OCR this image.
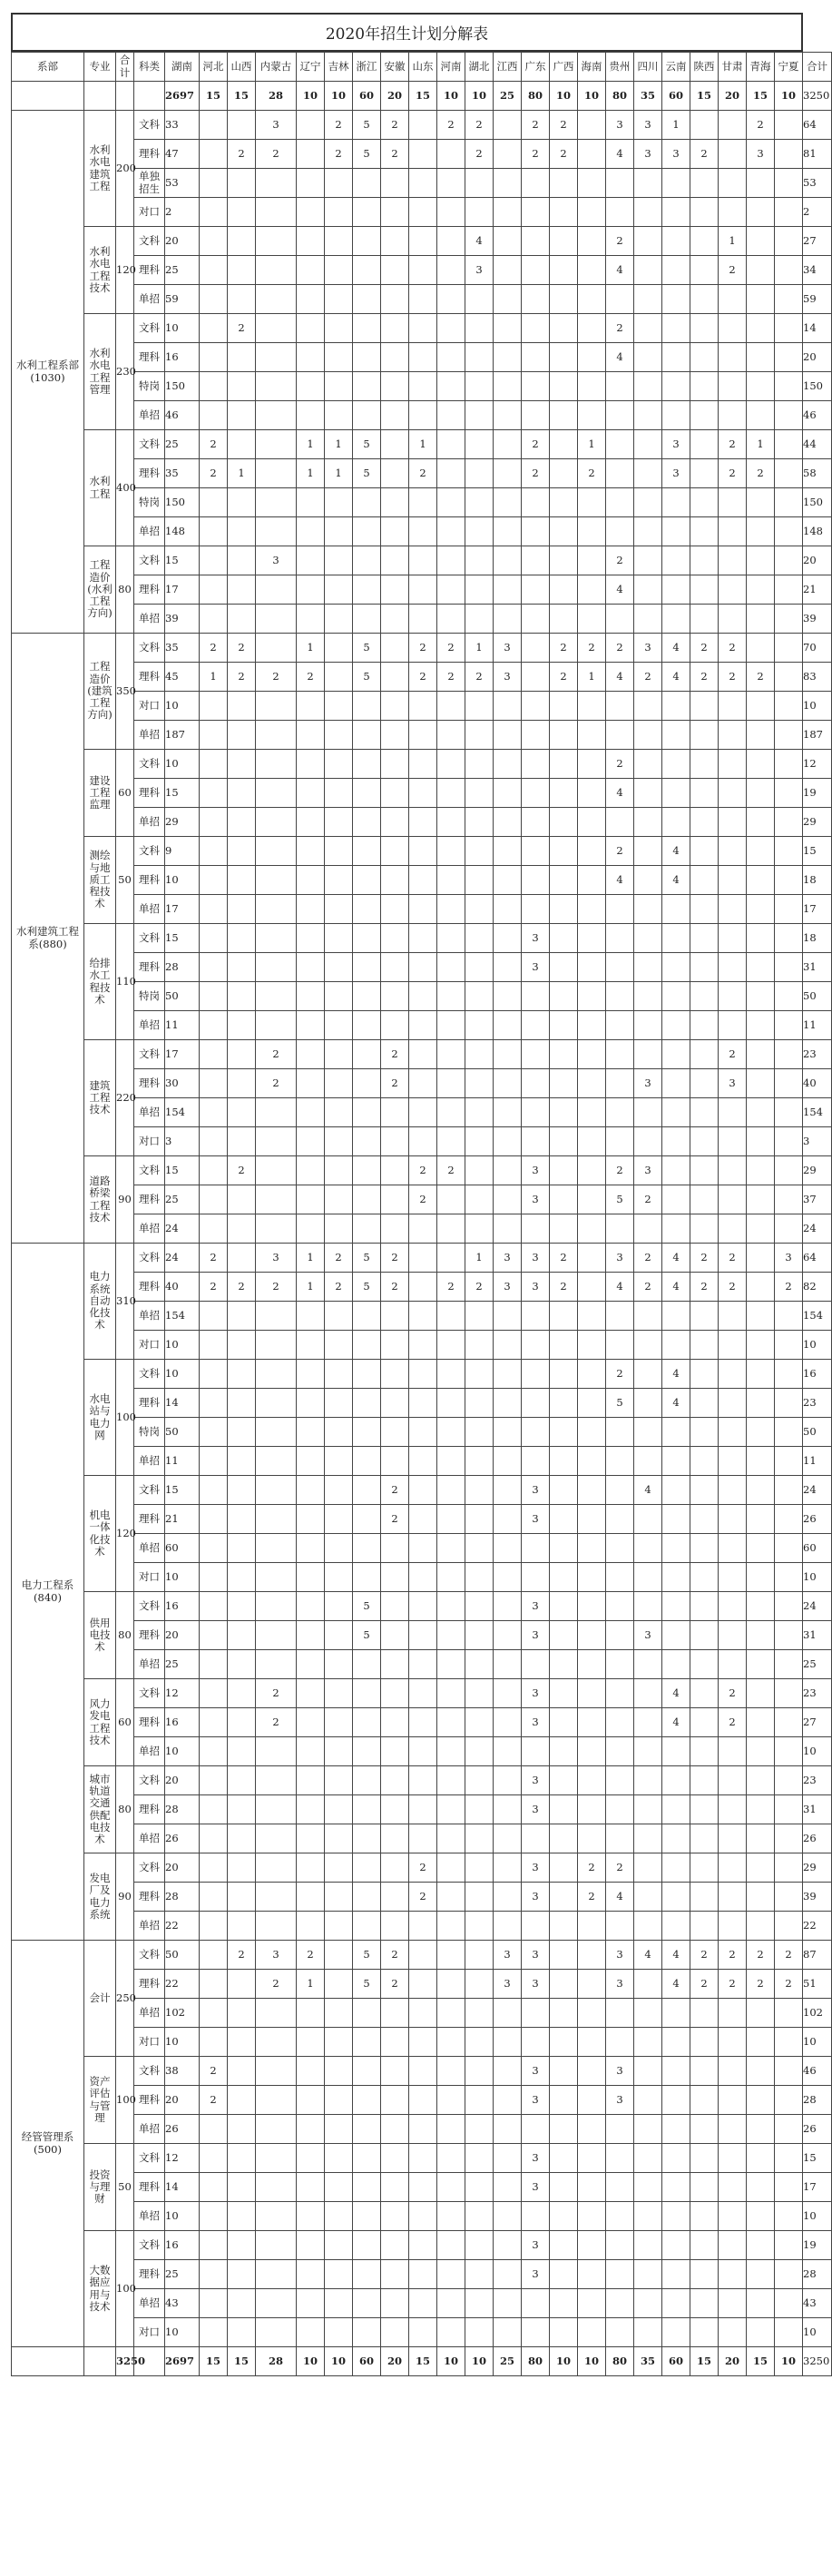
2020年招生计划分解表
系部	专业	合计	科类	湖南	河北	山西	内蒙古	辽宁	吉林	浙江	安徽	山东	河南	湖北	江西	广东	广西	海南	贵州	四川	云南	陕西	甘肃	青海	宁夏	合计
				2697	15	15	28	10	10	60	20	15	10	10	25	80	10	10	80	35	60	15	20	15	10	3250
水利工程系部(1030)	水利水电建筑工程	200	文科	33			3		2	5	2		2	2		2	2		3	3	1			2		64
			理科	47		2	2		2	5	2			2		2	2		4	3	3	2		3		81
			单独招生	53																						53
			对口	2																						2
	水利水电工程技术	120	文科	20										4					2				1			27
			理科	25										3					4				2			34
			单招	59																						59
	水利水电工程管理	230	文科	10		2													2							14
			理科	16															4							20
			特岗	150																						150
			单招	46																						46
	水利工程	400	文科	25	2			1	1	5		1				2		1			3		2	1		44
			理科	35	2	1		1	1	5		2				2		2			3		2	2		58
			特岗	150																						150
			单招	148																						148
	工程造价(水利工程方向)	80	文科	15			3												2							20
			理科	17															4							21
			单招	39																						39
水利建筑工程系(880)	工程造价(建筑工程方向)	350	文科	35	2	2		1		5		2	2	1	3		2	2	2	3	4	2	2			70
			理科	45	1	2	2	2		5		2	2	2	3		2	1	4	2	4	2	2	2		83
			对口	10																						10
			单招	187																						187
	建设工程监理	60	文科	10															2							12
			理科	15															4							19
			单招	29																						29
	测绘与地质工程技术	50	文科	9															2		4					15
			理科	10															4		4					18
			单招	17																						17
	给排水工程技术	110	文科	15												3										18
			理科	28												3										31
			特岗	50																						50
			单招	11																						11
	建筑工程技术	220	文科	17			2				2												2			23
			理科	30			2				2									3			3			40
			单招	154																						154
			对口	3																						3
	道路桥梁工程技术	90	文科	15		2						2	2			3			2	3						29
			理科	25								2				3			5	2						37
			单招	24																						24
电力工程系(840)	电力系统自动化技术	310	文科	24	2		3	1	2	5	2			1	3	3	2		3	2	4	2	2		3	64
			理科	40	2	2	2	1	2	5	2		2	2	3	3	2		4	2	4	2	2		2	82
			单招	154																						154
			对口	10																						10
	水电站与电力网	100	文科	10															2		4					16
			理科	14															5		4					23
			特岗	50																						50
			单招	11																						11
	机电一体化技术	120	文科	15							2					3				4						24
			理科	21							2					3										26
			单招	60																						60
			对口	10																						10
	供用电技术	80	文科	16						5						3										24
			理科	20						5						3				3						31
			单招	25																						25
	风力发电工程技术	60	文科	12			2									3					4		2			23
			理科	16			2									3					4		2			27
			单招	10																						10
	城市轨道交通供配电技术	80	文科	20												3										23
			理科	28												3										31
			单招	26																						26
	发电厂及电力系统	90	文科	20								2				3		2	2							29
			理科	28								2				3		2	4							39
			单招	22																						22
经管管理系(500)	会计	250	文科	50		2	3	2		5	2				3	3			3	4	4	2	2	2	2	87
			理科	22			2	1		5	2				3	3			3		4	2	2	2	2	51
			单招	102																						102
			对口	10																						10
	资产评估与管理	100	文科	38	2											3			3							46
			理科	20	2											3			3							28
			单招	26																						26
	投资与理财	50	文科	12												3										15
			理科	14												3										17
			单招	10																						10
	大数据应用与技术	100	文科	16												3										19
			理科	25												3										28
			单招	43																						43
			对口	10																						10
		3250		2697	15	15	28	10	10	60	20	15	10	10	25	80	10	10	80	35	60	15	20	15	10	3250
